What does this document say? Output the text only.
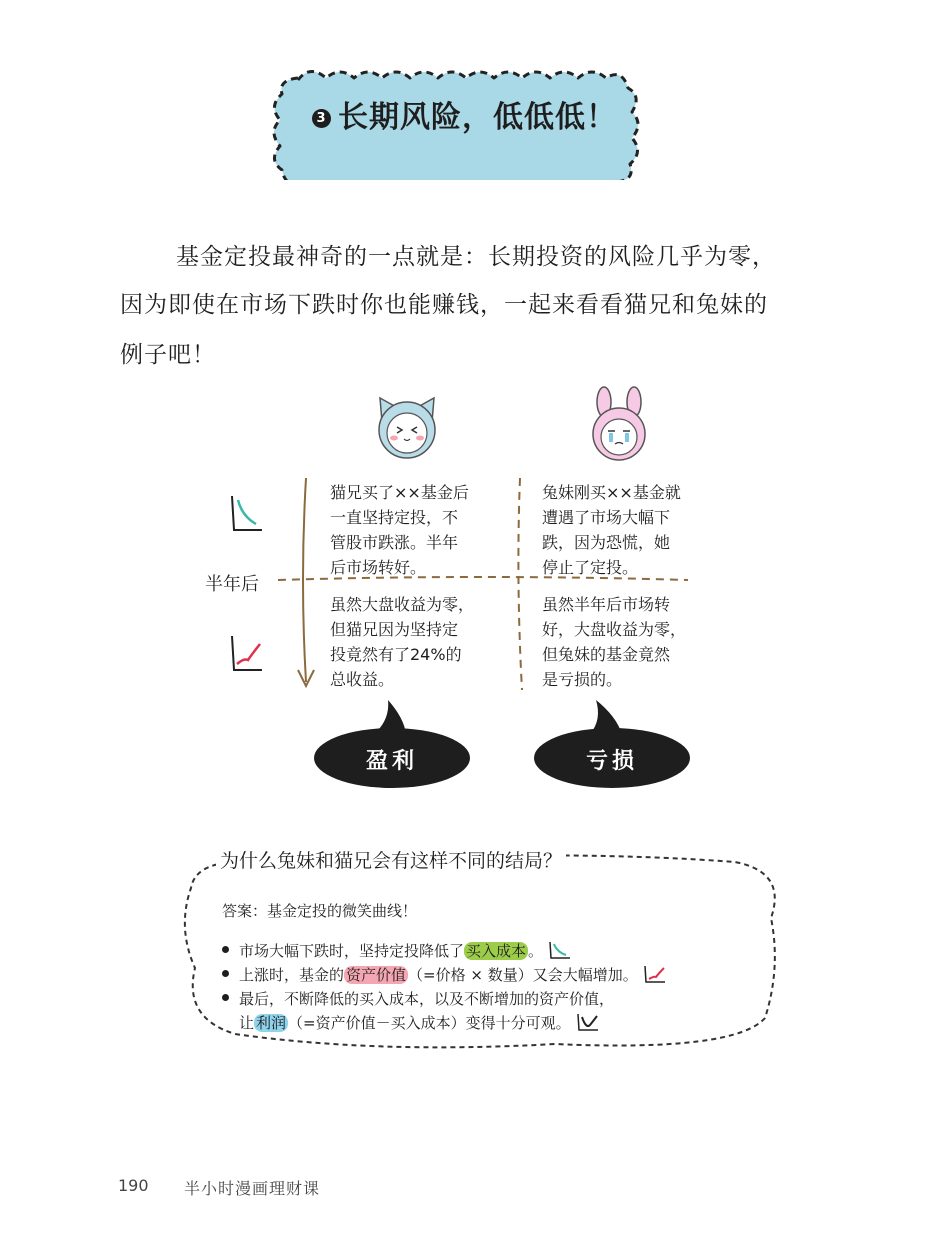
3 长期风险，低低低！
基金定投最神奇的一点就是：长期投资的风险几乎为零，
因为即使在市场下跌时你也能赚钱，一起来看看猫兄和兔妹的
例子吧！
半年后
猫兄买了××基金后
一直坚持定投，不
管股市跌涨。半年
后市场转好。
兔妹刚买××基金就
遭遇了市场大幅下
跌，因为恐慌，她
停止了定投。
虽然大盘收益为零，
但猫兄因为坚持定
投竟然有了24%的
总收益。
虽然半年后市场转
好，大盘收益为零，
但兔妹的基金竟然
是亏损的。
盈利	亏损
为什么兔妹和猫兄会有这样不同的结局？
答案：基金定投的微笑曲线！
市场大幅下跌时，坚持定投降低了 买入成本 。
上涨时，基金的 资产价值 （=价格 × 数量）又会大幅增加。
最后，不断降低的买入成本，以及不断增加的资产价值，
让 利润 （=资产价值－买入成本）变得十分可观。
190 半小时漫画理财课
